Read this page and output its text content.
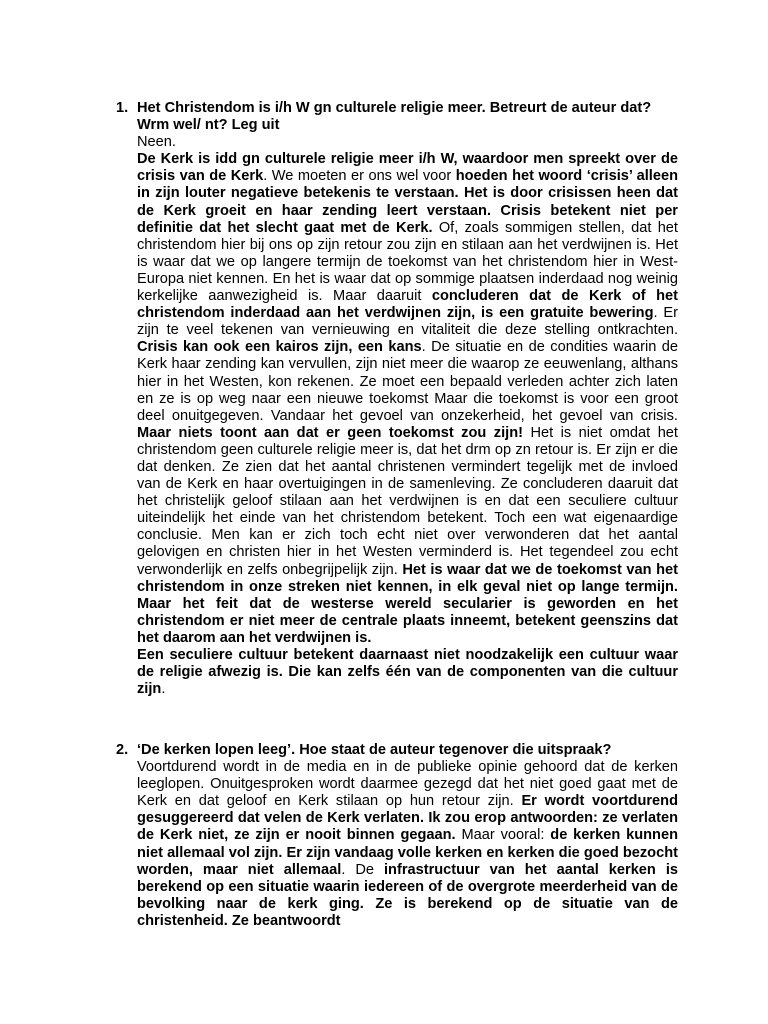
1. Het Christendom is i/h W gn culturele religie meer. Betreurt de auteur dat? Wrm wel/ nt? Leg uit
Neen.
De Kerk is idd gn culturele religie meer i/h W, waardoor men spreekt over de crisis van de Kerk. We moeten er ons wel voor hoeden het woord ‘crisis’ alleen in zijn louter negatieve betekenis te verstaan. Het is door crisissen heen dat de Kerk groeit en haar zending leert verstaan. Crisis betekent niet per definitie dat het slecht gaat met de Kerk. Of, zoals sommigen stellen, dat het christendom hier bij ons op zijn retour zou zijn en stilaan aan het verdwijnen is. Het is waar dat we op langere termijn de toekomst van het christendom hier in West-Europa niet kennen. En het is waar dat op sommige plaatsen inderdaad nog weinig kerkelijke aanwezigheid is. Maar daaruit concluderen dat de Kerk of het christendom inderdaad aan het verdwijnen zijn, is een gratuite bewering. Er zijn te veel tekenen van vernieuwing en vitaliteit die deze stelling ontkrachten. Crisis kan ook een kairos zijn, een kans. De situatie en de condities waarin de Kerk haar zending kan vervullen, zijn niet meer die waarop ze eeuwenlang, althans hier in het Westen, kon rekenen. Ze moet een bepaald verleden achter zich laten en ze is op weg naar een nieuwe toekomst Maar die toekomst is voor een groot deel onuitgegeven. Vandaar het gevoel van onzekerheid, het gevoel van crisis. Maar niets toont aan dat er geen toekomst zou zijn! Het is niet omdat het christendom geen culturele religie meer is, dat het drm op zn retour is. Er zijn er die dat denken. Ze zien dat het aantal christenen vermindert tegelijk met de invloed van de Kerk en haar overtuigingen in de samenleving. Ze concluderen daaruit dat het christelijk geloof stilaan aan het verdwijnen is en dat een seculiere cultuur uiteindelijk het einde van het christendom betekent. Toch een wat eigenaardige conclusie. Men kan er zich toch echt niet over verwonderen dat het aantal gelovigen en christen hier in het Westen verminderd is. Het tegendeel zou echt verwonderlijk en zelfs onbegrijpelijk zijn. Het is waar dat we de toekomst van het christendom in onze streken niet kennen, in elk geval niet op lange termijn. Maar het feit dat de westerse wereld secularier is geworden en het christendom er niet meer de centrale plaats inneemt, betekent geenszins dat het daarom aan het verdwijnen is.
Een seculiere cultuur betekent daarnaast niet noodzakelijk een cultuur waar de religie afwezig is. Die kan zelfs één van de componenten van die cultuur zijn.
2. ‘De kerken lopen leeg’. Hoe staat de auteur tegenover die uitspraak?
Voortdurend wordt in de media en in de publieke opinie gehoord dat de kerken leeglopen. Onuitgesproken wordt daarmee gezegd dat het niet goed gaat met de Kerk en dat geloof en Kerk stilaan op hun retour zijn. Er wordt voortdurend gesuggereerd dat velen de Kerk verlaten. Ik zou erop antwoorden: ze verlaten de Kerk niet, ze zijn er nooit binnen gegaan. Maar vooral: de kerken kunnen niet allemaal vol zijn. Er zijn vandaag volle kerken en kerken die goed bezocht worden, maar niet allemaal. De infrastructuur van het aantal kerken is berekend op een situatie waarin iedereen of de overgrote meerderheid van de bevolking naar de kerk ging. Ze is berekend op de situatie van de christenheid. Ze beantwoordt
